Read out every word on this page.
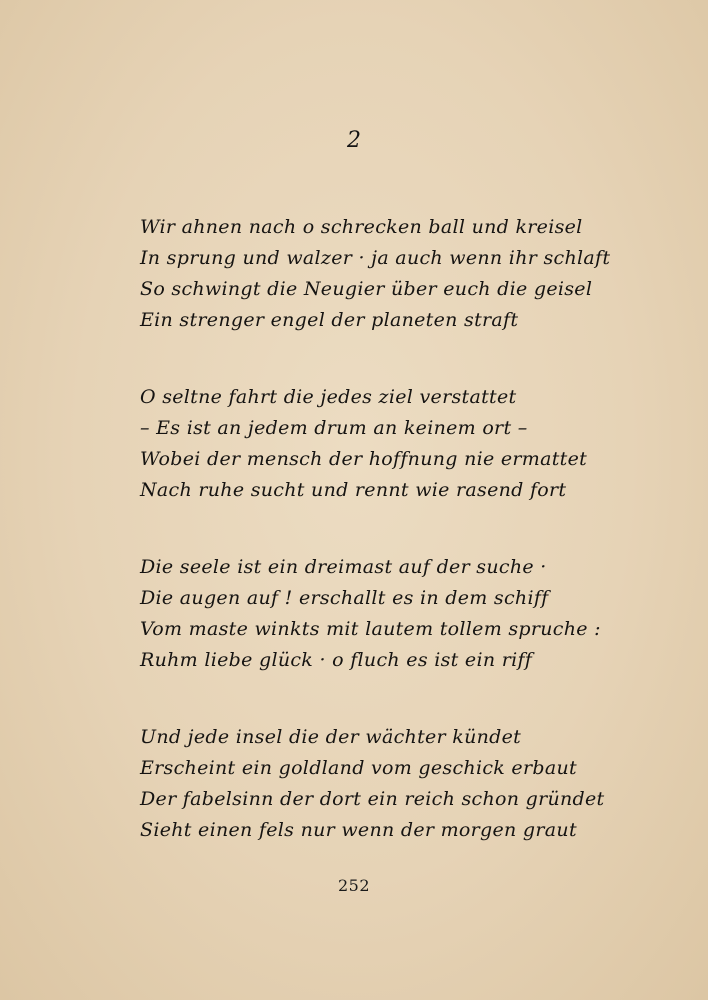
2
Wir ahnen nach o schrecken ball und kreisel
In sprung und walzer · ja auch wenn ihr schlaft
So schwingt die Neugier über euch die geisel
Ein strenger engel der planeten straft
O seltne fahrt die jedes ziel verstattet
– Es ist an jedem drum an keinem ort –
Wobei der mensch der hoffnung nie ermattet
Nach ruhe sucht und rennt wie rasend fort
Die seele ist ein dreimast auf der suche ·
Die augen auf ! erschallt es in dem schiff
Vom maste winkts mit lautem tollem spruche :
Ruhm liebe glück · o fluch es ist ein riff
Und jede insel die der wächter kündet
Erscheint ein goldland vom geschick erbaut
Der fabelsinn der dort ein reich schon gründet
Sieht einen fels nur wenn der morgen graut
252
